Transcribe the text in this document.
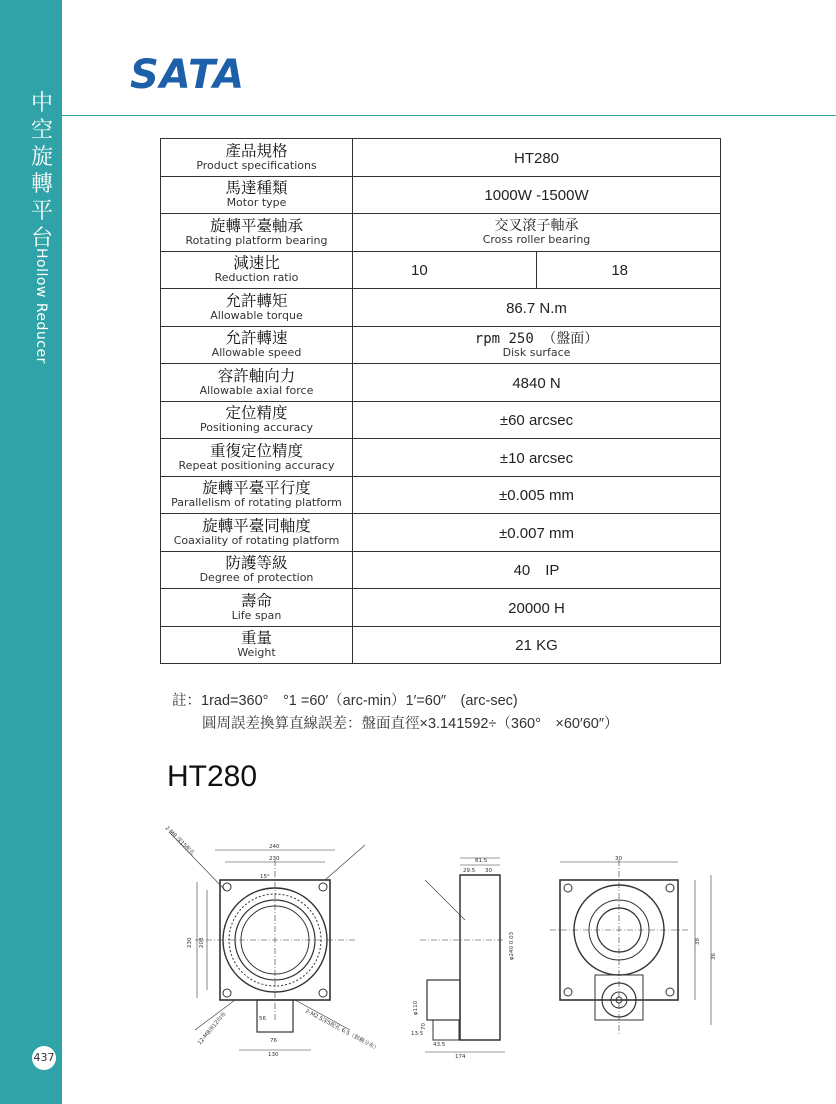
中
空
旋
轉
平
台
Hollow Reducer
437
SATA
產品規格
Product specifications	HT280	

馬達種類
Motor type	1000W -1500W	

旋轉平臺軸承
Rotating platform bearing	交叉滾子軸承
Cross roller bearing	

減速比
Reduction ratio	10	18

允許轉矩
Allowable torque	86.7 N.m	

允許轉速
Allowable speed	rpm 250 （盤面）
Disk surface	

容許軸向力
Allowable axial force	4840 N	

定位精度
Positioning accuracy	±60 arcsec	

重復定位精度
Repeat positioning accuracy	±10 arcsec	

旋轉平臺平行度
Parallelism of rotating platform	±0.005 mm	

旋轉平臺同軸度
Coaxiality of rotating platform	±0.007 mm	

防護等級
Degree of protection	40　IP	

壽命
Life span	20000 H	

重量
Weight	21 KG	
註：1rad=360°　°1 =60′（arc-min）1′=60″　(arc-sec)
圓周誤差換算直線誤差：盤面直徑×3.141592÷（360°　×60′60″）
HT280
2-M8 深15配孔	240
230
15°
230 208
130
76
56	2-M2.5深5配孔 6.5（對稱分布）
12-M8深12均布
81.5
29.5 30
174
43.5
φ240 0.03
φ110
70
13.5
30
38
36
